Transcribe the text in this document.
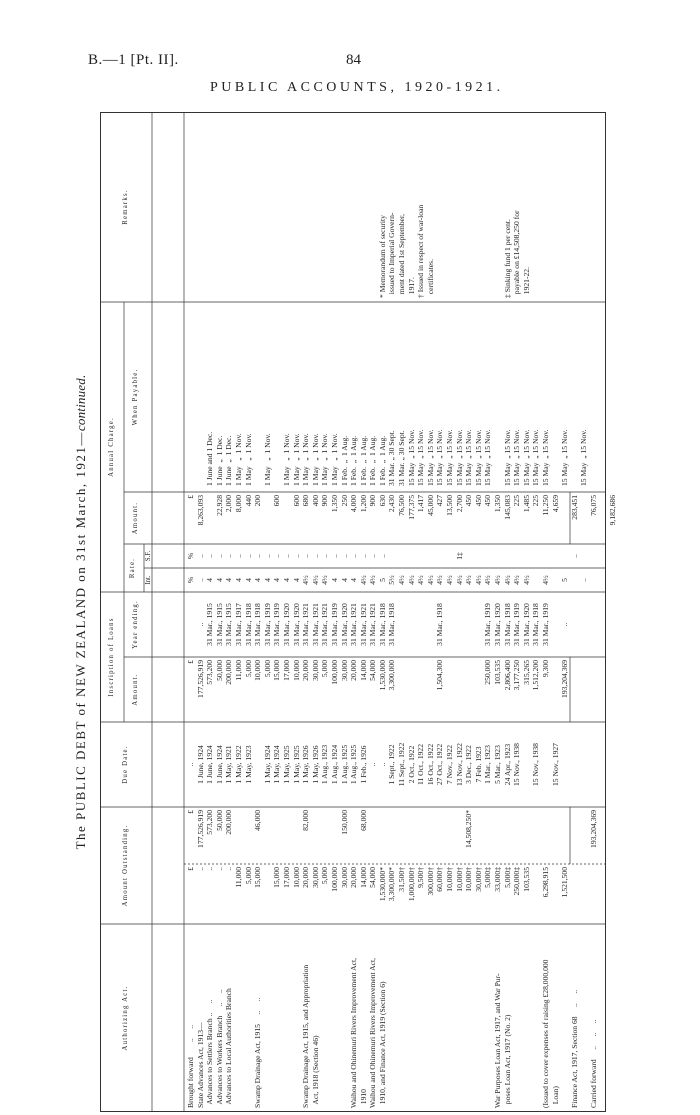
B.—1 [Pt. II].	84
PUBLIC ACCOUNTS, 1920-1921.
The PUBLIC DEBT of NEW ZEALAND on 31st March, 1921—continued.
Authorizing Act.
Amount Outstanding.
Due Date.
Inscription of Loans	Amount.
Year ending.
Annual Charge.
Rate.
Int.
S.F.
Amount.
When Payable.
Remarks.
Brought forward        ..     ..
State Advances Act, 1913—
Advances to Settlers Branch ..     ..
Advances to Workers Branch     ..     ..
Advances to Local Authorities Branch

Swamp Drainage Act, 1915     ..     ..

Swamp Drainage Act, 1915, and Appropriation
Act, 1918 (Section 46)

Waihou and Ohinemuri Rivers Improvement Act,
1910
Waihou and Ohinemuri Rivers Improvement Act,
1910, and Finance Act, 1919 (Section 6)

War Purposes Loan Act, 1917, and War Pur-
poses Loan Act, 1917 (No. 2)

(Issued to cover expenses of raising £28,000,000
Loan)

Finance Act, 1917, Section 68     ..     ..

Carried forward     ..     ..     ..
£
..
..
..
..
11,000
5,000
15,000

15,000
17,000
10,000
20,000
30,000
5,000
100,000
30,000
20,000
14,000
54,000
1,530,000*
3,300,000*
31,500†
1,000,000†
9,500†
300,000†
60,000†
10,000†
10,000†
10,000†
30,000†
5,000‡
33,000‡
5,000‡
250,000‡
103,535

6,298,915

1,521,500
£
177,526,919
573,200
50,000
200,000

46,000

82,000

150,000

68,000

14,508,250*

193,204,369
..
1 June, 1924
1 June, 1924
1 June, 1924
1 May, 1921
1 May, 1922
1 May, 1923

1 May, 1924
1 May, 1924
1 May, 1925
1 May, 1925
1 May, 1926
1 May, 1926
1 Aug., 1923
1 Aug., 1924
1 Aug., 1925
1 Aug., 1925
1 Feb., 1926
..
..
1 Sept., 1922
11 Sept., 1922
2 Oct., 1922
11 Oct., 1922
16 Oct., 1922
27 Oct., 1922
7 Nov., 1922
13 Nov., 1922
3 Dec., 1922
7 Feb. 1923
1 Mar., 1923
5 Mar., 1923
24 Apr., 1923
15 Nov., 1938

15 Nov., 1938

15 Nov., 1927
£
177,526,919
573,200
50,000
200,000
11,000
5,000
10,000
5,000
15,000
17,000
10,000
20,000
30,000
5,000
100,000
30,000
20,000
14,000
54,000
1,530,000
3,300,000

1,504,300

250,000
103,535
2,806,400
3,177,250
315,265
1,512,200
9,300

193,204,369

..
31 Mar., 1915
31 Mar., 1915
31 Mar., 1915
31 Mar., 1917
31 Mar., 1918
31 Mar., 1918
31 Mar., 1919
31 Mar., 1919
31 Mar., 1920
31 Mar., 1920
31 Mar., 1921
31 Mar., 1921
31 Mar., 1921
31 Mar., 1919
31 Mar., 1920
31 Mar., 1921
31 Mar., 1921
31 Mar., 1921
31 Mar., 1918
31 Mar., 1918

31 Mar., 1918

31 Mar., 1919
31 Mar., 1920
31 Mar., 1918
31 Mar., 1919
31 Mar., 1920
31 Mar., 1918
31 Mar., 1919

..
%
..
4
4
4
4
4
4
4
4
4
4
4½
4½
4½
4
4
4
4½
4½
5
5½
4½
4½
4½
4½
4½
4½
4½
4½
4½
4½
4½
4½
4½
4½

4½

5

..
%
..
..
..
..
..
..
..
..
..
..
..
..
..
..
..
..
..
..
..
..

1‡

..
£
8,263,093

22,928
2,000
8,000
440
200

600

600
680
400
900
1,350
250
4,000
1,200
900
630
2,430
76,500
177,375
1,417
45,000
427
13,500
2,700
450
450
450
1,350
145,083
225
1,485
225
11,250
4,659

283,451

76,075

9,182,686

1 June and 1 Dec.
1 June  „  1 Dec.
1 June  „  1 Dec.
1 May   „  1 Nov.
1 May   „  1 Nov.

1 May   „  1 Nov.

1 May   „  1 Nov.
1 May   „  1 Nov.
1 May   „  1 Nov.
1 May   „  1 Nov.
1 May   „  1 Nov.
1 May   „  1 Nov.
1 Feb.  „  1 Aug.
1 Feb.  „  1 Aug.
1 Feb.  „  1 Aug.
1 Feb.  „  1 Aug.
1 Feb.  „  1 Aug.
31 Mar. „ 30 Sept.
31 Mar. „ 30 Sept.
15 May  „ 15 Nov.
15 May  „ 15 Nov.
15 May  „ 15 Nov.
15 May  „ 15 Nov.
15 May  „ 15 Nov.
15 May  „ 15 Nov.
15 May  „ 15 Nov.
15 May  „ 15 Nov.
15 May  „ 15 Nov.

15 May  „ 15 Nov.
15 May  „ 15 Nov.
15 May  „ 15 Nov.
15 May  „ 15 Nov.
15 May  „ 15 Nov.

15 May  „ 15 Nov.

15 May  „ 15 Nov.

* Memorandum of security
issued to Imperial Govern-
ment dated 1st September,
1917.
† Issued in respect of war-loan
certificates.

‡ Sinking fund 1 per cent.
payable on £14,508,250 for
1921-22.
